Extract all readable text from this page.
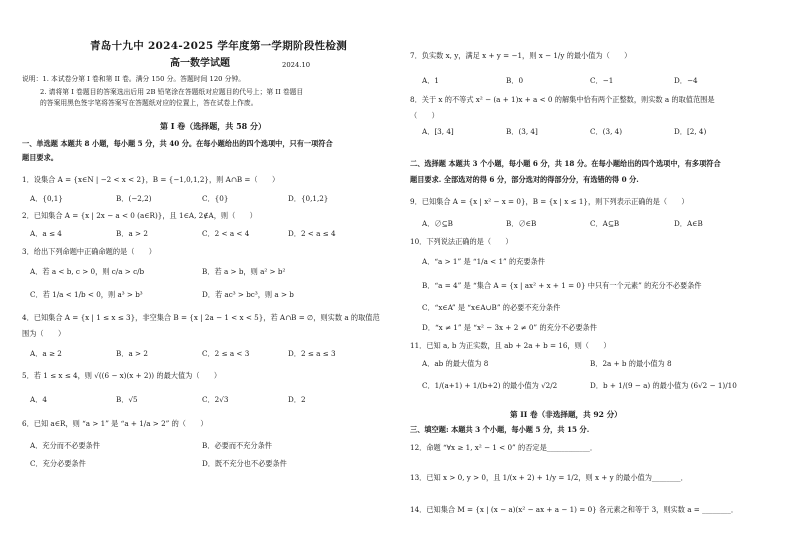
青岛十九中 2024-2025 学年度第一学期阶段性检测
高一数学试题	2024.10
说明：1. 本试卷分第 I 卷和第 II 卷。满分 150 分。答题时间 120 分钟。
2. 请将第 I 卷题目的答案选出后用 2B 铅笔涂在答题纸对应题目的代号上；第 II 卷题目
的答案用黑色签字笔将答案写在答题纸对应的位置上，答在试卷上作废。
第 I 卷（选择题，共 58 分）
一、单选题 本题共 8 小题，每小题 5 分，共 40 分。在每小题给出的四个选项中，只有一项符合
题目要求。
1．设集合 A = {x∈N | −2 < x < 2}，B = {−1,0,1,2}，则 A∩B =（　　）
A．{0,1}	B．(−2,2)	C．{0}	D．{0,1,2}
2．已知集合 A = {x | 2x − a < 0 (a∈R)}，且 1∈A, 2∉A，则（　　）
A．a ≤ 4	B．a > 2	C．2 < a < 4	D．2 < a ≤ 4
3．给出下列命题中正确命题的是（　　）
A．若 a < b, c > 0，则 c/a > c/b	B．若 a > b，则 a² > b²
C．若 1/a < 1/b < 0，则 a³ > b³	D．若 ac³ > bc³，则 a > b
4．已知集合 A = {x | 1 ≤ x ≤ 3}，非空集合 B = {x | 2a − 1 < x < 5}，若 A∩B = ∅，则实数 a 的取值范
围为（　　）
A．a ≥ 2	B．a > 2	C．2 ≤ a < 3	D．2 ≤ a ≤ 3
5．若 1 ≤ x ≤ 4，则 √((6 − x)(x + 2)) 的最大值为（　　）
A．4	B．√5	C．2√3	D．2
6．已知 a∈R，则 “a > 1” 是 “a + 1/a > 2” 的（　　）
A．充分而不必要条件	B．必要而不充分条件
C．充分必要条件	D．既不充分也不必要条件
7．负实数 x, y，满足 x + y = −1，则 x − 1/y 的最小值为（　　）
A．1	B．0	C．−1	D．−4
8．关于 x 的不等式 x² − (a + 1)x + a < 0 的解集中恰有两个正整数，则实数 a 的取值范围是
（　　）
A．[3, 4]	B．(3, 4]	C．(3, 4)	D．[2, 4)
二、选择题 本题共 3 个小题，每小题 6 分，共 18 分。在每小题给出的四个选项中，有多项符合
题目要求. 全部选对的得 6 分，部分选对的得部分分，有选错的得 0 分.
9．已知集合 A = {x | x² − x = 0}，B = {x | x ≤ 1}，则下列表示正确的是（　　）
A．∅⊆B	B．∅∈B	C．A⊆B	D．A∈B
10．下列说法正确的是（　　）
A．“a > 1” 是 “1/a < 1” 的充要条件
B．“a = 4” 是 “集合 A = {x | ax² + x + 1 = 0} 中只有一个元素” 的充分不必要条件
C．“x∈A” 是 “x∈A∪B” 的必要不充分条件
D．“x ≠ 1” 是 “x² − 3x + 2 ≠ 0” 的充分不必要条件
11．已知 a, b 为正实数，且 ab + 2a + b = 16，则（　　）
A．ab 的最大值为 8	B．2a + b 的最小值为 8
C．1/(a+1) + 1/(b+2) 的最小值为 √2/2	D．b + 1/(9 − a) 的最小值为 (6√2 − 1)/10
第 II 卷（非选择题，共 92 分）
三、填空题: 本题共 3 个小题，每小题 5 分，共 15 分.
12．命题 “∀x ≥ 1, x² − 1 < 0” 的否定是____________．
13．已知 x > 0, y > 0，且 1/(x + 2) + 1/y = 1/2，则 x + y 的最小值为________．
14．已知集合 M = {x | (x − a)(x² − ax + a − 1) = 0} 各元素之和等于 3，则实数 a = ________．
